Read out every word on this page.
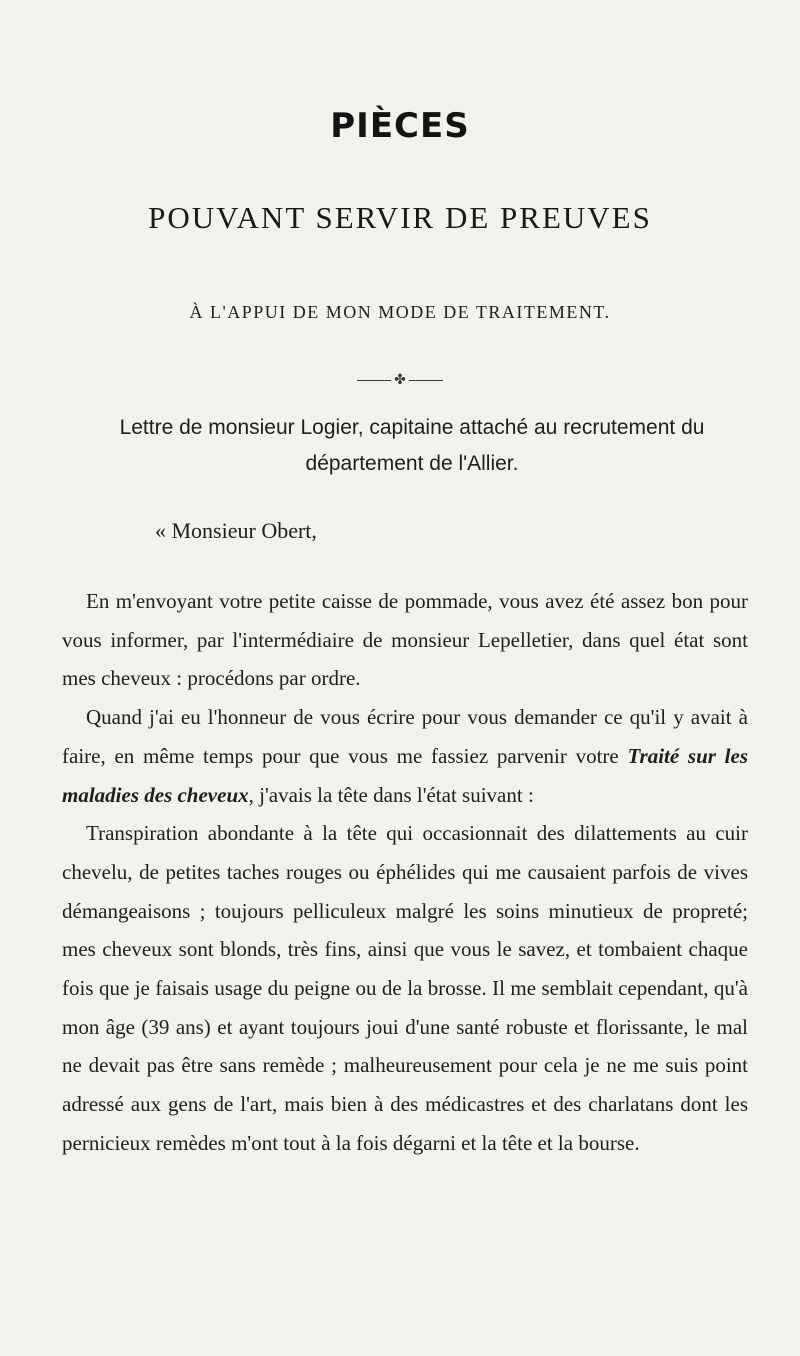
PIÈCES
POUVANT SERVIR DE PREUVES
À L'APPUI DE MON MODE DE TRAITEMENT.
✤
Lettre de monsieur Logier, capitaine attaché au recrutement du département de l'Allier.
« Monsieur Obert,

En m'envoyant votre petite caisse de pommade, vous avez été assez bon pour vous informer, par l'intermédiaire de monsieur Lepelletier, dans quel état sont mes cheveux : procédons par ordre.

Quand j'ai eu l'honneur de vous écrire pour vous demander ce qu'il y avait à faire, en même temps pour que vous me fassiez parvenir votre Traité sur les maladies des cheveux, j'avais la tête dans l'état suivant :

Transpiration abondante à la tête qui occasionnait des dilattements au cuir chevelu, de petites taches rouges ou éphélides qui me causaient parfois de vives démangeaisons ; toujours pelliculeux malgré les soins minutieux de propreté; mes cheveux sont blonds, très fins, ainsi que vous le savez, et tombaient chaque fois que je faisais usage du peigne ou de la brosse. Il me semblait cependant, qu'à mon âge (39 ans) et ayant toujours joui d'une santé robuste et florissante, le mal ne devait pas être sans remède ; malheureusement pour cela je ne me suis point adressé aux gens de l'art, mais bien à des médicastres et des charlatans dont les pernicieux remèdes m'ont tout à la fois dégarni et la tête et la bourse.
